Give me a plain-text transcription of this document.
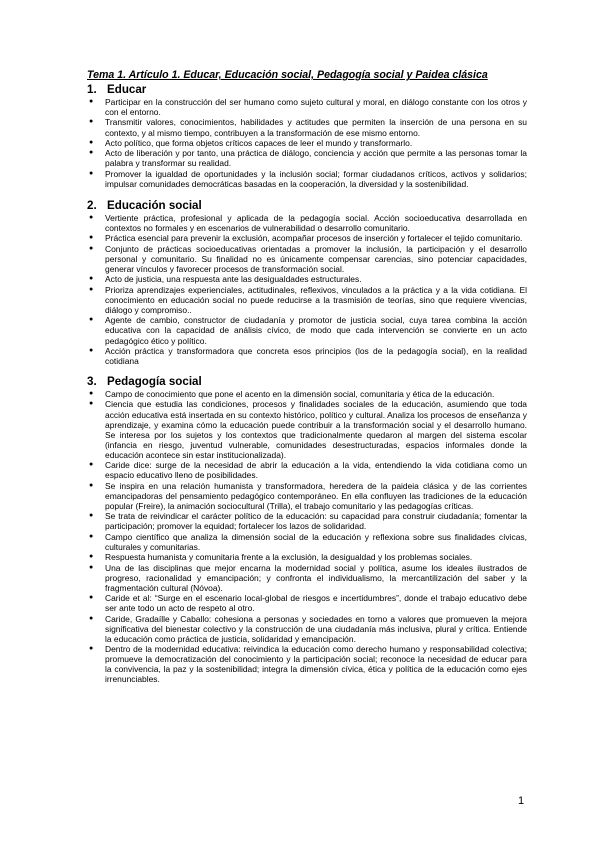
Tema 1. Artículo 1. Educar, Educación social, Pedagogía social y Paidea clásica
1. Educar
● Participar en la construcción del ser humano como sujeto cultural y moral, en diálogo constante con los otros y con el entorno.
● Transmitir valores, conocimientos, habilidades y actitudes que permiten la inserción de una persona en su contexto, y al mismo tiempo, contribuyen a la transformación de ese mismo entorno.
● Acto político, que forma objetos críticos capaces de leer el mundo y transformarlo.
● Acto de liberación y por tanto, una práctica de diálogo, conciencia y acción que permite a las personas tomar la palabra y transformar su realidad.
● Promover la igualdad de oportunidades y la inclusión social; formar ciudadanos críticos, activos y solidarios; impulsar comunidades democráticas basadas en la cooperación, la diversidad y la sostenibilidad.
2. Educación social
● Vertiente práctica, profesional y aplicada de la pedagogía social. Acción socioeducativa desarrollada en contextos no formales y en escenarios de vulnerabilidad o desarrollo comunitario.
● Práctica esencial para prevenir la exclusión, acompañar procesos de inserción y fortalecer el tejido comunitario.
● Conjunto de prácticas socioeducativas orientadas a promover la inclusión, la participación y el desarrollo personal y comunitario. Su finalidad no es únicamente compensar carencias, sino potenciar capacidades, generar vínculos y favorecer procesos de transformación social.
● Acto de justicia, una respuesta ante las desigualdades estructurales.
● Prioriza aprendizajes experienciales, actitudinales, reflexivos, vinculados a la práctica y a la vida cotidiana. El conocimiento en educación social no puede reducirse a la trasmisión de teorías, sino que requiere vivencias, diálogo y compromiso..
● Agente de cambio, constructor de ciudadanía y promotor de justicia social, cuya tarea combina la acción educativa con la capacidad de análisis cívico, de modo que cada intervención se convierte en un acto pedagógico ético y político.
● Acción práctica y transformadora que concreta esos principios (los de la pedagogía social), en la realidad cotidiana
3. Pedagogía social
● Campo de conocimiento que pone el acento en la dimensión social, comunitaria y ética de la educación.
● Ciencia que estudia las condiciones, procesos y finalidades sociales de la educación, asumiendo que toda acción educativa está insertada en su contexto histórico, político y cultural. Analiza los procesos de enseñanza y aprendizaje, y examina cómo la educación puede contribuir a la transformación social y el desarrollo humano. Se interesa por los sujetos y los contextos que tradicionalmente quedaron al margen del sistema escolar (infancia en riesgo, juventud vulnerable, comunidades desestructuradas, espacios informales donde la educación acontece sin estar institucionalizada).
● Caride dice: surge de la necesidad de abrir la educación a la vida, entendiendo la vida cotidiana como un espacio educativo lleno de posibilidades.
● Se inspira en una relación humanista y transformadora, heredera de la paideia clásica y de las corrientes emancipadoras del pensamiento pedagógico contemporáneo. En ella confluyen las tradiciones de la educación popular (Freire), la animación sociocultural (Trilla), el trabajo comunitario y las pedagogías críticas.
● Se trata de reivindicar el carácter político de la educación: su capacidad para construir ciudadanía; fomentar la participación; promover la equidad; fortalecer los lazos de solidaridad.
● Campo científico que analiza la dimensión social de la educación y reflexiona sobre sus finalidades cívicas, culturales y comunitarias.
● Respuesta humanista y comunitaria frente a la exclusión, la desigualdad y los problemas sociales.
● Una de las disciplinas que mejor encarna la modernidad social y política, asume los ideales ilustrados de progreso, racionalidad y emancipación; y confronta el individualismo, la mercantilización del saber y la fragmentación cultural (Nóvoa).
● Caride et al: “Surge en el escenario local-global de riesgos e incertidumbres”, donde el trabajo educativo debe ser ante todo un acto de respeto al otro.
● Caride, Gradaílle y Caballo: cohesiona a personas y sociedades en torno a valores que promueven la mejora significativa del bienestar colectivo y la construcción de una ciudadanía más inclusiva, plural y crítica. Entiende la educación como práctica de justicia, solidaridad y emancipación.
● Dentro de la modernidad educativa: reivindica la educación como derecho humano y responsabilidad colectiva; promueve la democratización del conocimiento y la participación social; reconoce la necesidad de educar para la convivencia, la paz y la sostenibilidad; integra la dimensión cívica, ética y política de la educación como ejes irrenunciables.
1
